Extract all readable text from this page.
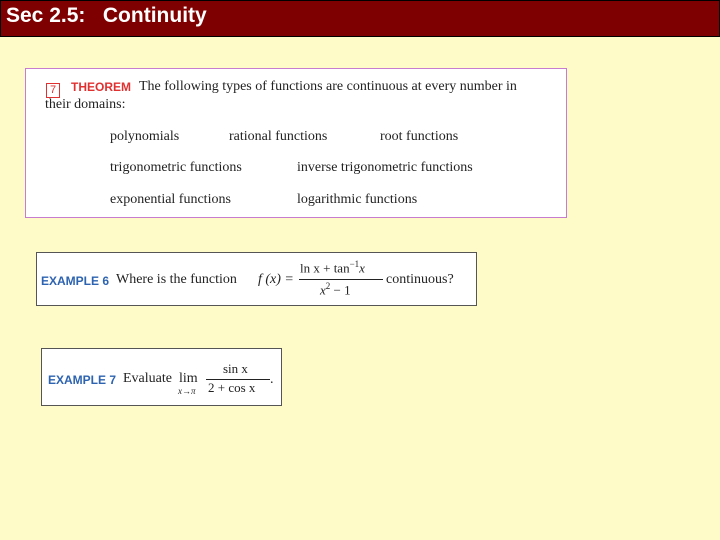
Sec 2.5:   Continuity
7	THEOREM The following types of functions are continuous at every number in
their domains:
polynomials	rational functions	root functions
trigonometric functions	inverse trigonometric functions
exponential functions	logarithmic functions
EXAMPLE 6 Where is the function f (x) =
$\ln x + \tan^{-1}x$
$x^2 - 1$
continuous?
EXAMPLE 7 Evaluate lim
x→π
sin x
2 + cos x
.
